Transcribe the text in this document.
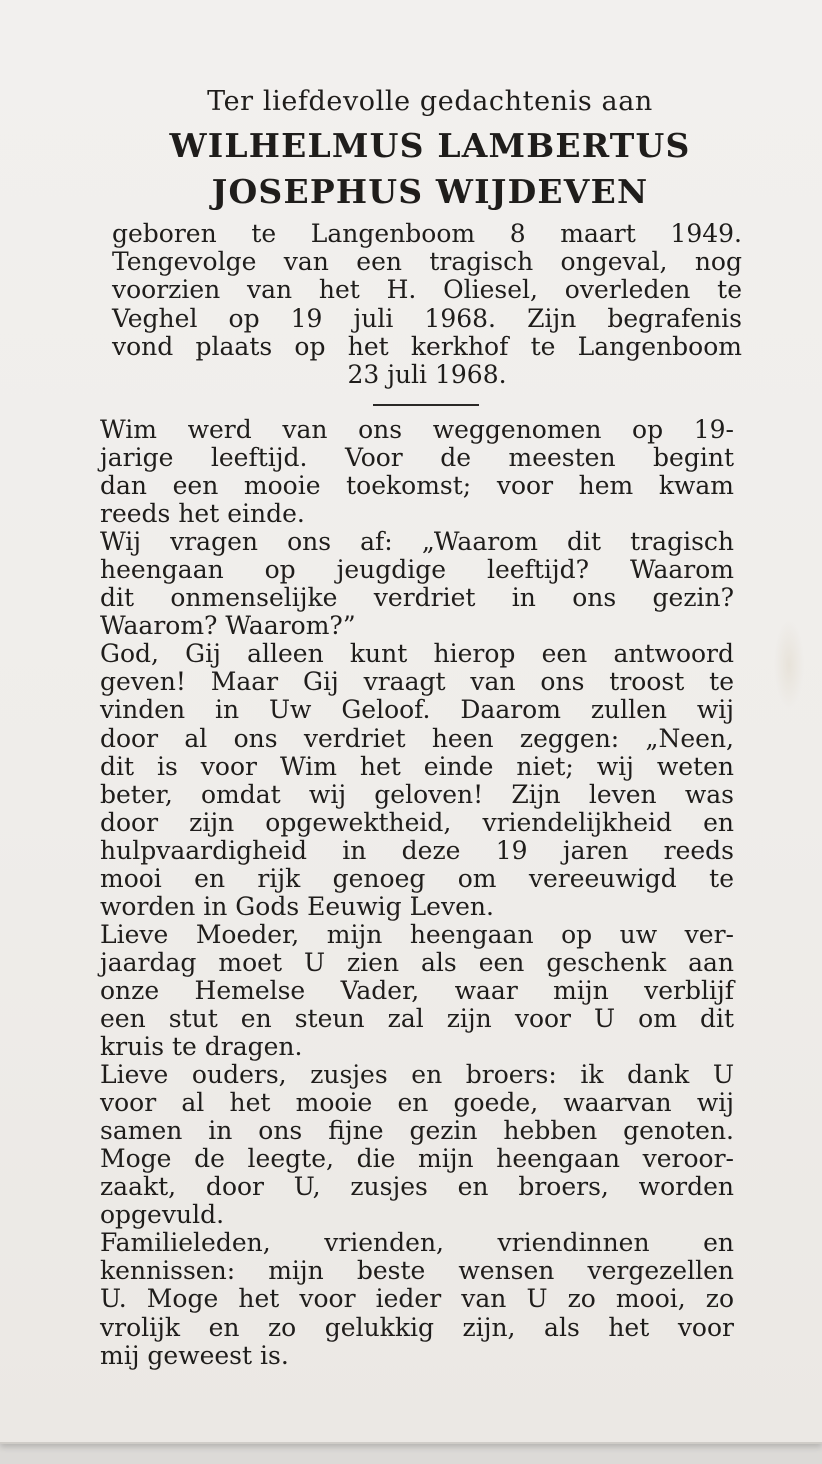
Ter liefdevolle gedachtenis aan
WILHELMUS LAMBERTUS
JOSEPHUS WIJDEVEN
geboren te Langenboom 8 maart 1949.
Tengevolge van een tragisch ongeval, nog
voorzien van het H. Oliesel, overleden te
Veghel op 19 juli 1968. Zijn begrafenis
vond plaats op het kerkhof te Langenboom
23 juli 1968.
Wim werd van ons weggenomen op 19-
jarige leeftijd. Voor de meesten begint
dan een mooie toekomst; voor hem kwam
reeds het einde.
Wij vragen ons af: „Waarom dit tragisch
heengaan op jeugdige leeftijd? Waarom
dit onmenselijke verdriet in ons gezin?
Waarom? Waarom?”
God, Gij alleen kunt hierop een antwoord
geven! Maar Gij vraagt van ons troost te
vinden in Uw Geloof. Daarom zullen wij
door al ons verdriet heen zeggen: „Neen,
dit is voor Wim het einde niet; wij weten
beter, omdat wij geloven! Zijn leven was
door zijn opgewektheid, vriendelijkheid en
hulpvaardigheid in deze 19 jaren reeds
mooi en rijk genoeg om vereeuwigd te
worden in Gods Eeuwig Leven.
Lieve Moeder, mijn heengaan op uw ver-
jaardag moet U zien als een geschenk aan
onze Hemelse Vader, waar mijn verblijf
een stut en steun zal zijn voor U om dit
kruis te dragen.
Lieve ouders, zusjes en broers: ik dank U
voor al het mooie en goede, waarvan wij
samen in ons fijne gezin hebben genoten.
Moge de leegte, die mijn heengaan veroor-
zaakt, door U, zusjes en broers, worden
opgevuld.
Familieleden, vrienden, vriendinnen en
kennissen: mijn beste wensen vergezellen
U. Moge het voor ieder van U zo mooi, zo
vrolijk en zo gelukkig zijn, als het voor
mij geweest is.
